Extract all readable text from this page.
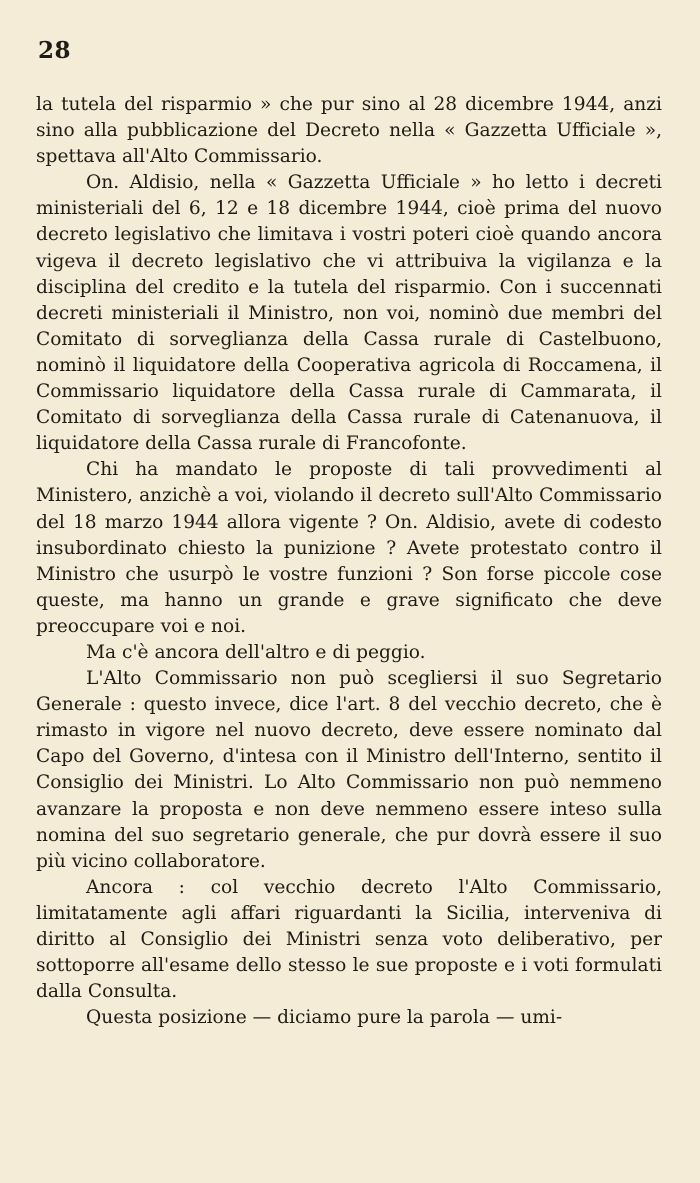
28

la tutela del risparmio » che pur sino al 28 dicembre 1944, anzi sino alla pubblicazione del Decreto nella « Gazzetta Ufficiale », spettava all'Alto Commissario.

On. Aldisio, nella « Gazzetta Ufficiale » ho letto i decreti ministeriali del 6, 12 e 18 dicembre 1944, cioè prima del nuovo decreto legislativo che limitava i vostri poteri cioè quando ancora vigeva il decreto legislativo che vi attribuiva la vigilanza e la disciplina del credito e la tutela del risparmio. Con i succennati decreti ministeriali il Ministro, non voi, nominò due membri del Comitato di sorveglianza della Cassa rurale di Castelbuono, nominò il liquidatore della Cooperativa agricola di Roccamena, il Commissario liquidatore della Cassa rurale di Cammarata, il Comitato di sorveglianza della Cassa rurale di Catenanuova, il liquidatore della Cassa rurale di Francofonte.

Chi ha mandato le proposte di tali provvedimenti al Ministero, anzichè a voi, violando il decreto sull'Alto Commissario del 18 marzo 1944 allora vigente ? On. Aldisio, avete di codesto insubordinato chiesto la punizione ? Avete protestato contro il Ministro che usurpò le vostre funzioni ? Son forse piccole cose queste, ma hanno un grande e grave significato che deve preoccupare voi e noi.

Ma c'è ancora dell'altro e di peggio.

L'Alto Commissario non può scegliersi il suo Segretario Generale : questo invece, dice l'art. 8 del vecchio decreto, che è rimasto in vigore nel nuovo decreto, deve essere nominato dal Capo del Governo, d'intesa con il Ministro dell'Interno, sentito il Consiglio dei Ministri. Lo Alto Commissario non può nemmeno avanzare la proposta e non deve nemmeno essere inteso sulla nomina del suo segretario generale, che pur dovrà essere il suo più vicino collaboratore.

Ancora : col vecchio decreto l'Alto Commissario, limitatamente agli affari riguardanti la Sicilia, interveniva di diritto al Consiglio dei Ministri senza voto deliberativo, per sottoporre all'esame dello stesso le sue proposte e i voti formulati dalla Consulta.

Questa posizione — diciamo pure la parola — umi-
